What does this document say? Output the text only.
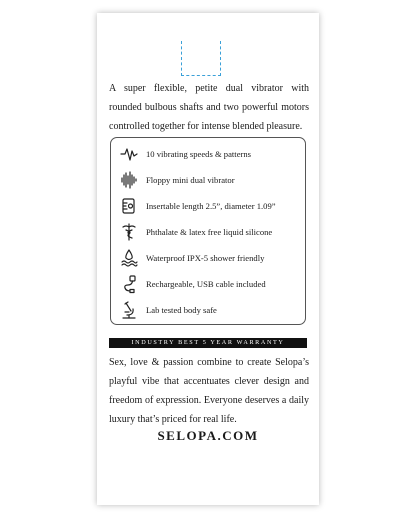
A super flexible, petite dual vibrator with rounded bulbous shafts and two powerful motors controlled together for intense blended pleasure.

10 vibrating speeds & patterns
Floppy mini dual vibrator
Insertable length 2.5”, diameter 1.09”
Phthalate & latex free liquid silicone
Waterproof IPX-5 shower friendly
Rechargeable, USB cable included
Lab tested body safe
INDUSTRY BEST 5 YEAR WARRANTY

Sex, love & passion combine to create Selopa’s playful vibe that accentuates clever design and freedom of expression. Everyone deserves a daily luxury that’s priced for real life.

SELOPA.COM
